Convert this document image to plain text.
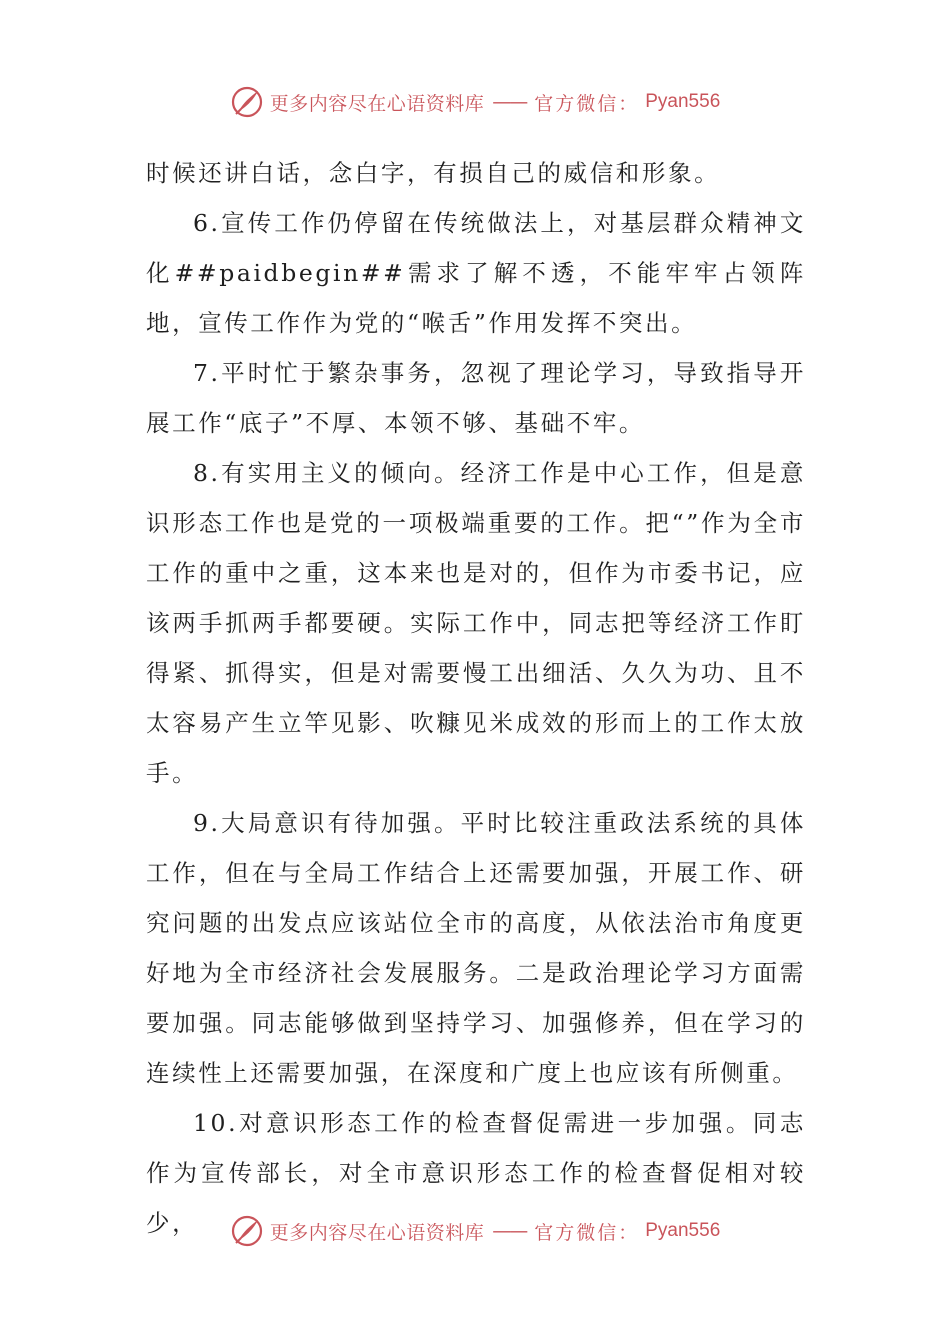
更多内容尽在心语资料库 —— 官方微信： Pyan556

时候还讲白话，念白字，有损自己的威信和形象。

6.宣传工作仍停留在传统做法上，对基层群众精神文化##paidbegin##需求了解不透，不能牢牢占领阵地，宣传工作作为党的“喉舌”作用发挥不突出。

7.平时忙于繁杂事务，忽视了理论学习，导致指导开展工作“底子”不厚、本领不够、基础不牢。

8.有实用主义的倾向。经济工作是中心工作，但是意识形态工作也是党的一项极端重要的工作。把“”作为全市工作的重中之重，这本来也是对的，但作为市委书记，应该两手抓两手都要硬。实际工作中，同志把等经济工作盯得紧、抓得实，但是对需要慢工出细活、久久为功、且不太容易产生立竿见影、吹糠见米成效的形而上的工作太放手。

9.大局意识有待加强。平时比较注重政法系统的具体工作，但在与全局工作结合上还需要加强，开展工作、研究问题的出发点应该站位全市的高度，从依法治市角度更好地为全市经济社会发展服务。二是政治理论学习方面需要加强。同志能够做到坚持学习、加强修养，但在学习的连续性上还需要加强，在深度和广度上也应该有所侧重。

10.对意识形态工作的检查督促需进一步加强。同志作为宣传部长，对全市意识形态工作的检查督促相对较少，	更多内容尽在心语资料库 —— 官方微信： Pyan556
